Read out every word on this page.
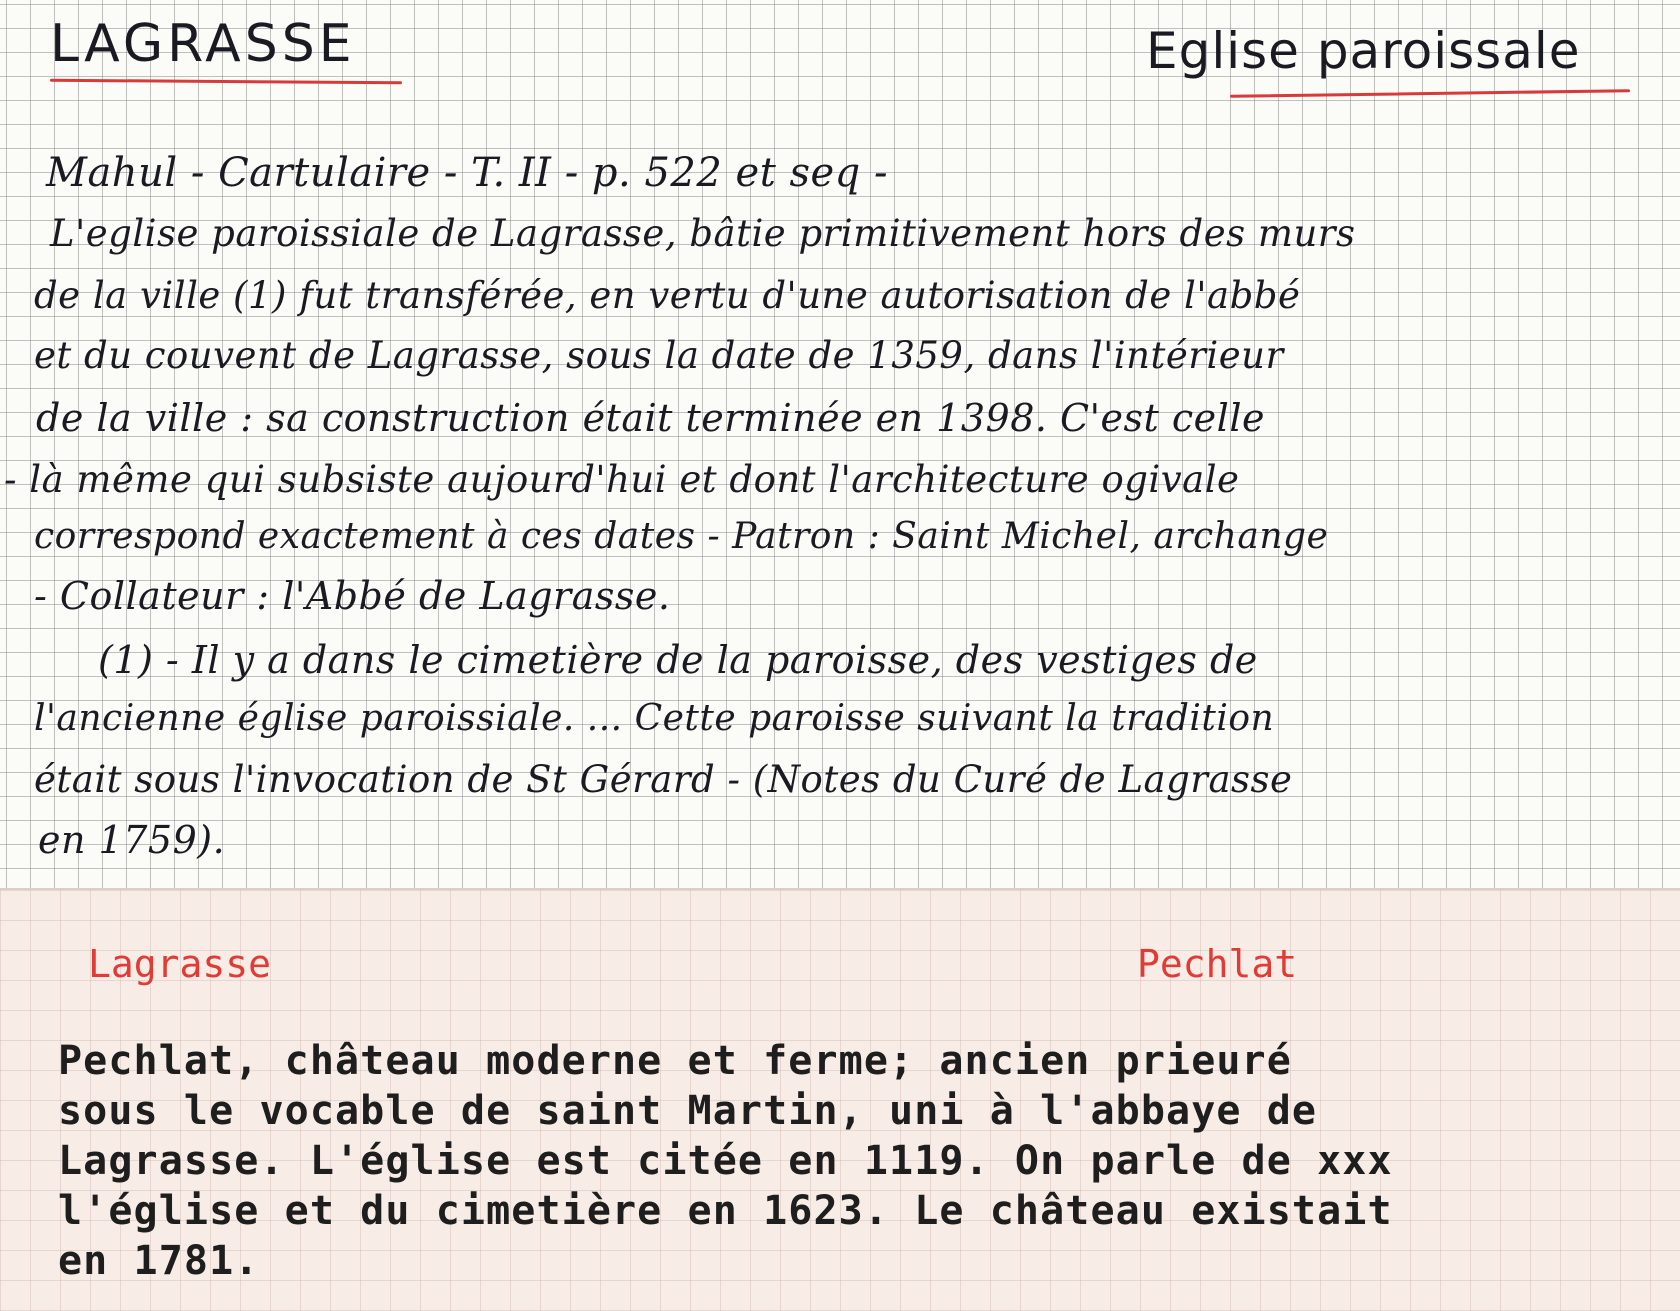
LAGRASSE	Eglise paroissale
Mahul - Cartulaire - T. II - p. 522 et seq -
L'eglise paroissiale de Lagrasse, bâtie primitivement hors des murs
de la ville (1) fut transférée, en vertu d'une autorisation de l'abbé
et du couvent de Lagrasse, sous la date de 1359, dans l'intérieur
de la ville : sa construction était terminée en 1398. C'est celle
- là même qui subsiste aujourd'hui et dont l'architecture ogivale
correspond exactement à ces dates - Patron : Saint Michel, archange
- Collateur : l'Abbé de Lagrasse.
(1) - Il y a dans le cimetière de la paroisse, des vestiges de
l'ancienne église paroissiale. ... Cette paroisse suivant la tradition
était sous l'invocation de St Gérard - (Notes du Curé de Lagrasse
en 1759).
Lagrasse	Pechlat
Pechlat, château moderne et ferme; ancien prieuré
sous le vocable de saint Martin, uni à l'abbaye de
Lagrasse. L'église est citée en 1119. On parle de xxx
l'église et du cimetière en 1623. Le château existait
en 1781.
